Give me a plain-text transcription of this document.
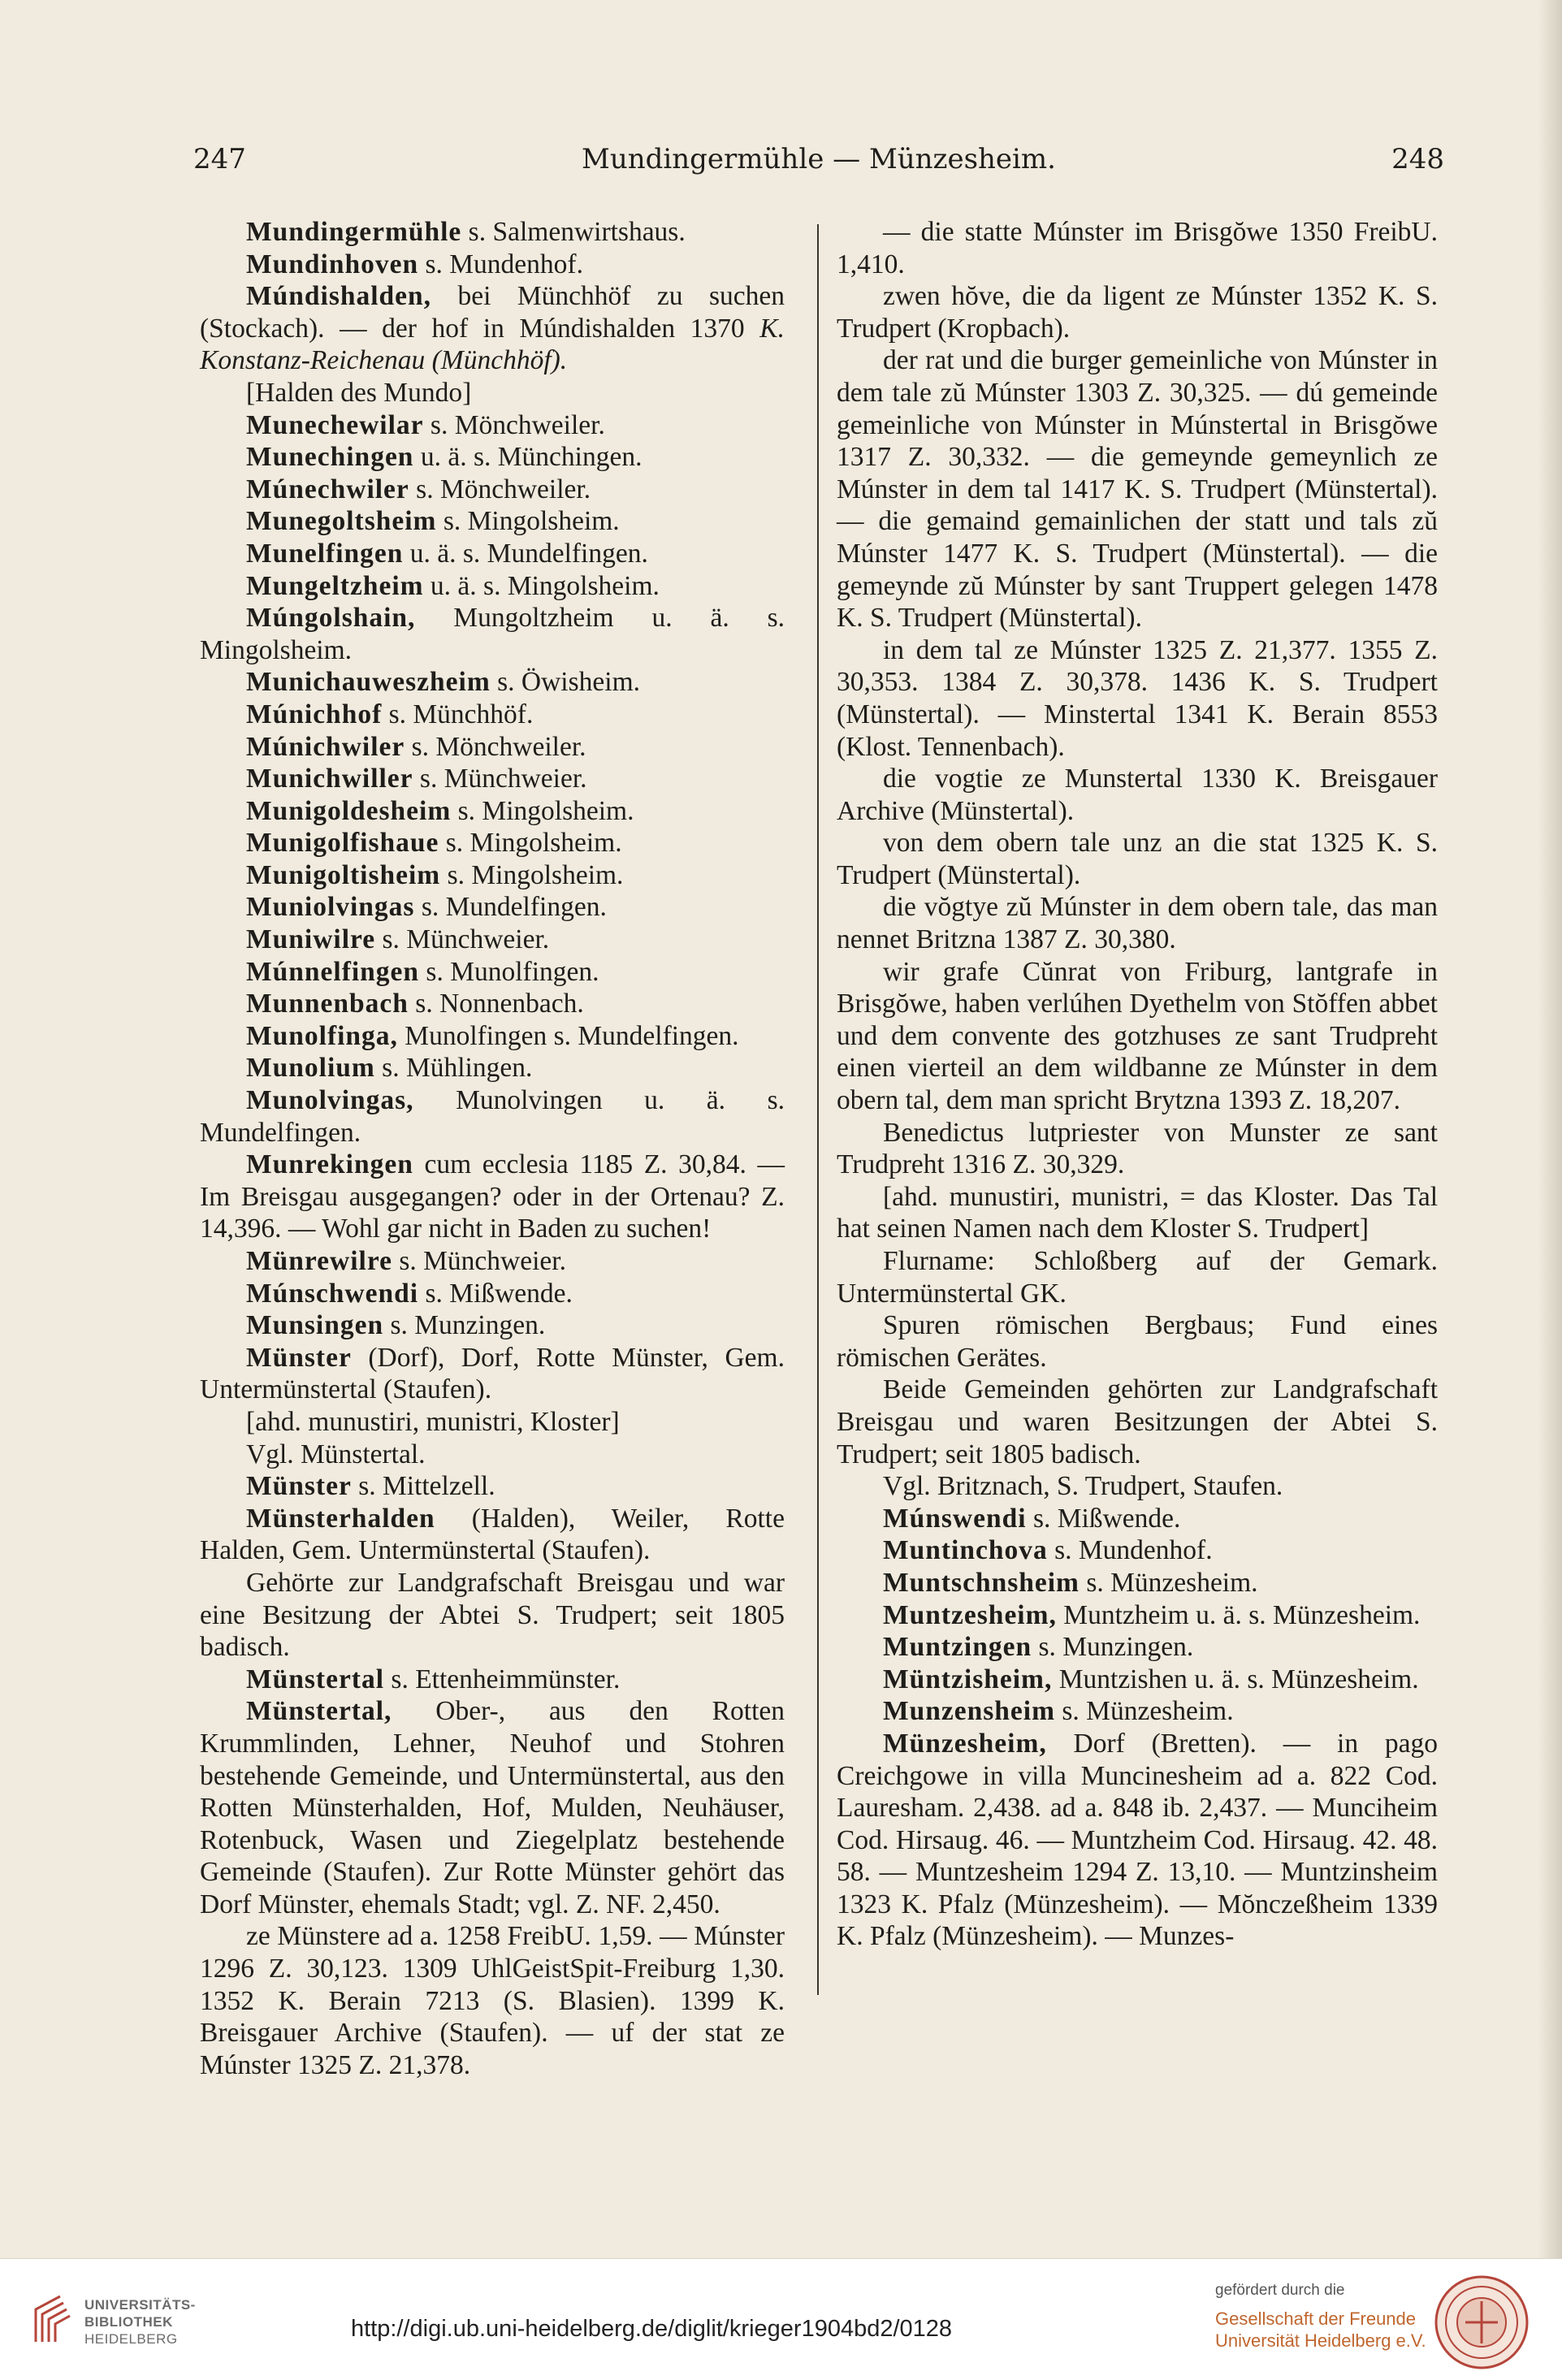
247	Mundingermühle — Münzesheim.	248
Mundingermühle s. Salmenwirtshaus.
Mundinhoven s. Mundenhof.
Múndishalden, bei Münchhöf zu suchen (Stockach). — der hof in Múndishalden 1370 K. Konstanz-Reichenau (Münchhöf).
[Halden des Mundo]
Munechewilar s. Mönchweiler.
Munechingen u. ä. s. Münchingen.
Múnechwiler s. Mönchweiler.
Munegoltsheim s. Mingolsheim.
Munelfingen u. ä. s. Mundelfingen.
Mungeltzheim u. ä. s. Mingolsheim.
Múngolshain, Mungoltzheim u. ä. s. Mingolsheim.
Munichauweszheim s. Öwisheim.
Múnichhof s. Münchhöf.
Múnichwiler s. Mönchweiler.
Munichwiller s. Münchweier.
Munigoldesheim s. Mingolsheim.
Munigolfishaue s. Mingolsheim.
Munigoltisheim s. Mingolsheim.
Muniolvingas s. Mundelfingen.
Muniwilre s. Münchweier.
Múnnelfingen s. Munolfingen.
Munnenbach s. Nonnenbach.
Munolfinga, Munolfingen s. Mundelfingen.
Munolium s. Mühlingen.
Munolvingas, Munolvingen u. ä. s. Mundelfingen.
Munrekingen cum ecclesia 1185 Z. 30,84. — Im Breisgau ausgegangen? oder in der Ortenau? Z. 14,396. — Wohl gar nicht in Baden zu suchen!
Münrewilre s. Münchweier.
Múnschwendi s. Mißwende.
Munsingen s. Munzingen.
Münster (Dorf), Dorf, Rotte Münster, Gem. Untermünstertal (Staufen).
[ahd. munustiri, munistri, Kloster]
Vgl. Münstertal.
Münster s. Mittelzell.
Münsterhalden (Halden), Weiler, Rotte Halden, Gem. Untermünstertal (Staufen).
Gehörte zur Landgrafschaft Breisgau und war eine Besitzung der Abtei S. Trudpert; seit 1805 badisch.
Münstertal s. Ettenheimmünster.
Münstertal, Ober-, aus den Rotten Krummlinden, Lehner, Neuhof und Stohren bestehende Gemeinde, und Untermünstertal, aus den Rotten Münsterhalden, Hof, Mulden, Neuhäuser, Rotenbuck, Wasen und Ziegelplatz bestehende Gemeinde (Staufen). Zur Rotte Münster gehört das Dorf Münster, ehemals Stadt; vgl. Z. NF. 2,450.
ze Münstere ad a. 1258 FreibU. 1,59. — Múnster 1296 Z. 30,123. 1309 UhlGeistSpit-Freiburg 1,30. 1352 K. Berain 7213 (S. Blasien). 1399 K. Breisgauer Archive (Staufen). — uf der stat ze Múnster 1325 Z. 21,378.
— die statte Múnster im Brisgŏwe 1350 FreibU. 1,410.
zwen hŏve, die da ligent ze Múnster 1352 K. S. Trudpert (Kropbach).
der rat und die burger gemeinliche von Múnster in dem tale zŭ Múnster 1303 Z. 30,325. — dú gemeinde gemeinliche von Múnster in Múnstertal in Brisgŏwe 1317 Z. 30,332. — die gemeynde gemeynlich ze Múnster in dem tal 1417 K. S. Trudpert (Münstertal). — die gemaind gemainlichen der statt und tals zŭ Múnster 1477 K. S. Trudpert (Münstertal). — die gemeynde zŭ Múnster by sant Truppert gelegen 1478 K. S. Trudpert (Münstertal).
in dem tal ze Múnster 1325 Z. 21,377. 1355 Z. 30,353. 1384 Z. 30,378. 1436 K. S. Trudpert (Münstertal). — Minstertal 1341 K. Berain 8553 (Klost. Tennenbach).
die vogtie ze Munstertal 1330 K. Breisgauer Archive (Münstertal).
von dem obern tale unz an die stat 1325 K. S. Trudpert (Münstertal).
die vŏgtye zŭ Múnster in dem obern tale, das man nennet Britzna 1387 Z. 30,380.
wir grafe Cŭnrat von Friburg, lantgrafe in Brisgŏwe, haben verlúhen Dyethelm von Stŏffen abbet und dem convente des gotzhuses ze sant Trudpreht einen vierteil an dem wildbanne ze Múnster in dem obern tal, dem man spricht Brytzna 1393 Z. 18,207.
Benedictus lutpriester von Munster ze sant Trudpreht 1316 Z. 30,329.
[ahd. munustiri, munistri, = das Kloster. Das Tal hat seinen Namen nach dem Kloster S. Trudpert]
Flurname: Schloßberg auf der Gemark. Untermünstertal GK.
Spuren römischen Bergbaus; Fund eines römischen Gerätes.
Beide Gemeinden gehörten zur Landgrafschaft Breisgau und waren Besitzungen der Abtei S. Trudpert; seit 1805 badisch.
Vgl. Britznach, S. Trudpert, Staufen.
Múnswendi s. Mißwende.
Muntinchova s. Mundenhof.
Muntschnsheim s. Münzesheim.
Muntzesheim, Muntzheim u. ä. s. Münzesheim.
Muntzingen s. Munzingen.
Müntzisheim, Muntzishen u. ä. s. Münzesheim.
Munzensheim s. Münzesheim.
Münzesheim, Dorf (Bretten). — in pago Creichgowe in villa Muncinesheim ad a. 822 Cod. Lauresham. 2,438. ad a. 848 ib. 2,437. — Munciheim Cod. Hirsaug. 46. — Muntzheim Cod. Hirsaug. 42. 48. 58. — Muntzesheim 1294 Z. 13,10. — Muntzinsheim 1323 K. Pfalz (Münzesheim). — Mŏnczeßheim 1339 K. Pfalz (Münzesheim). — Munzes-
UNIVERSITÄTS-
BIBLIOTHEK
HEIDELBERG	http://digi.ub.uni-heidelberg.de/diglit/krieger1904bd2/0128
gefördert durch die
Gesellschaft der Freunde
Universität Heidelberg e.V.
